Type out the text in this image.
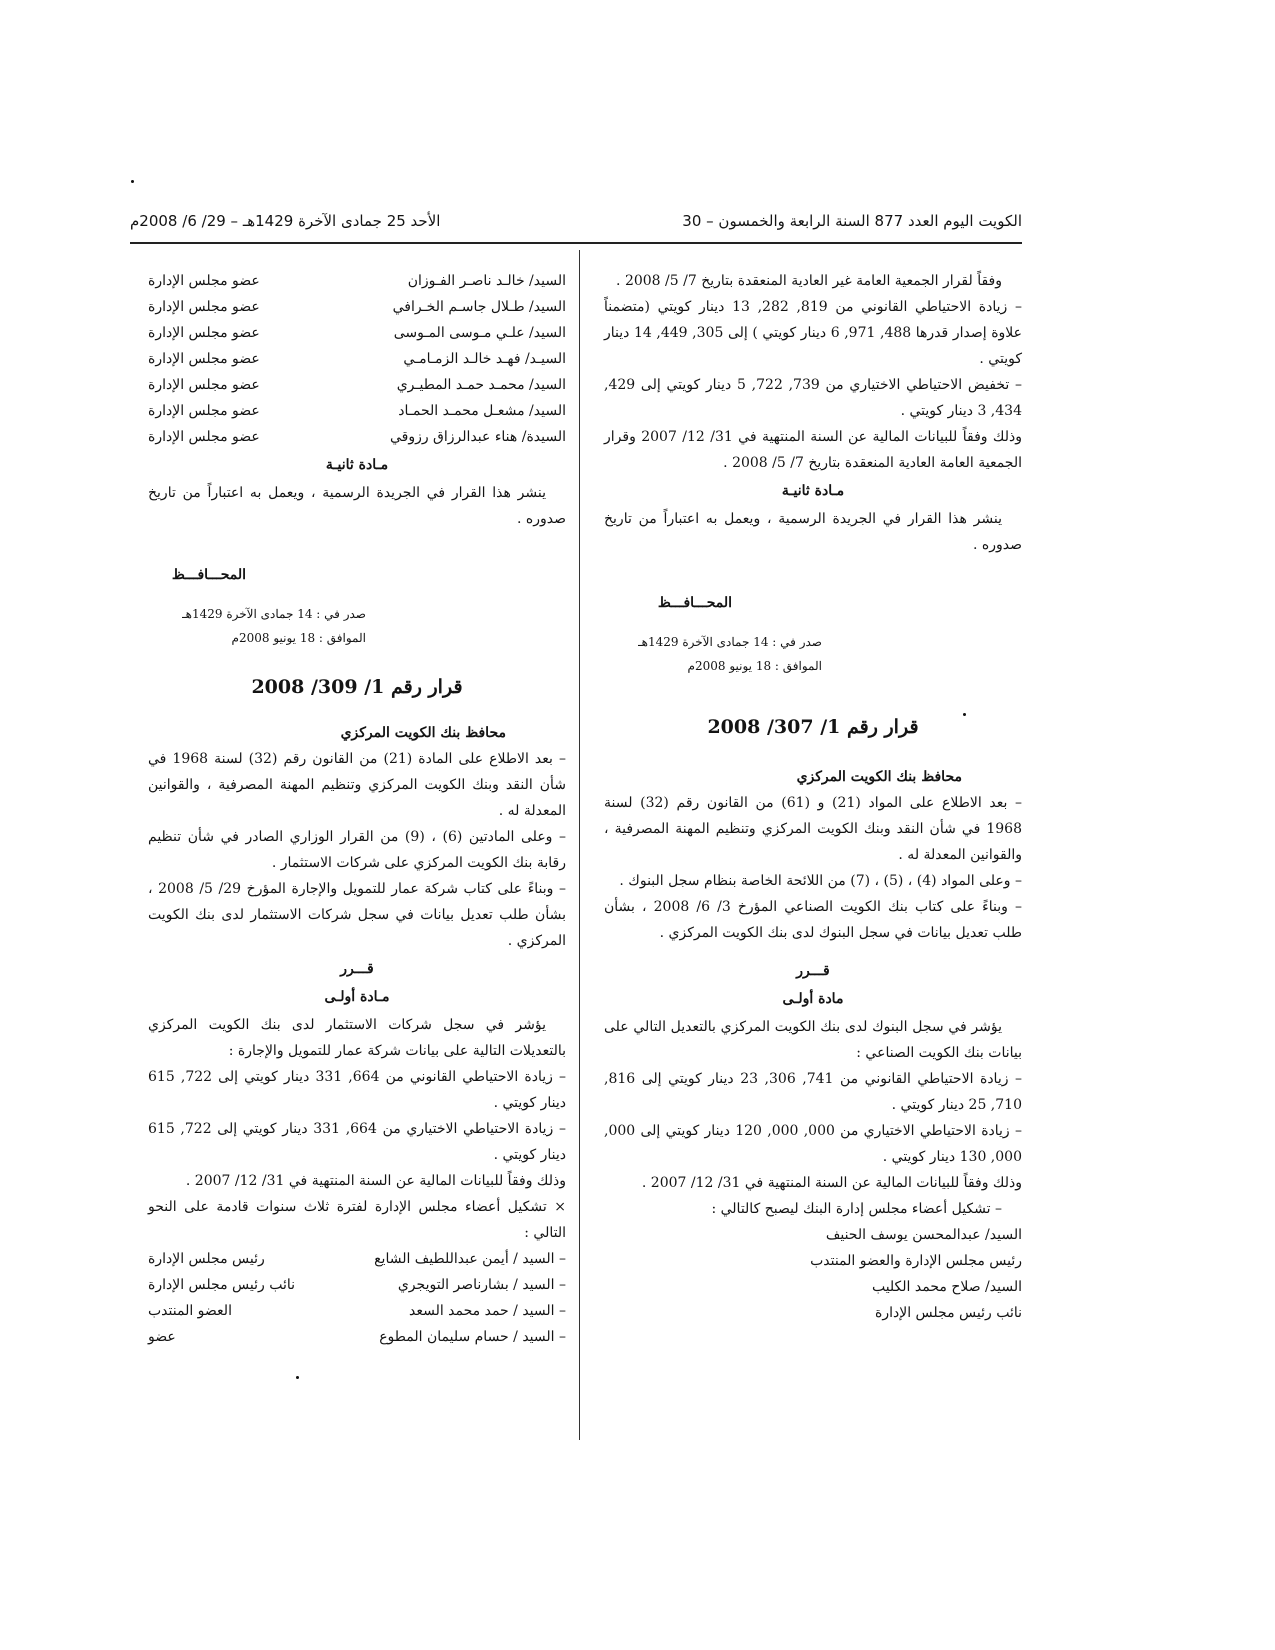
الكويت اليوم العدد 877 السنة الرابعة والخمسون – 30
الأحد 25 جمادى الآخرة 1429هـ – 29/ 6/ 2008م

وفقاً لقرار الجمعية العامة غير العادية المنعقدة بتاريخ 7/ 5/ 2008 .

– زيادة الاحتياطي القانوني من 819, 282, 13 دينار كويتي (متضمناً علاوة إصدار قدرها 488, 971, 6 دينار كويتي ) إلى 305, 449, 14 دينار كويتي .

– تخفيض الاحتياطي الاختياري من 739, 722, 5 دينار كويتي إلى 429, 434, 3 دينار كويتي .

وذلك وفقاً للبيانات المالية عن السنة المنتهية في 31/ 12/ 2007 وقرار الجمعية العامة العادية المنعقدة بتاريخ 7/ 5/ 2008 .

مـادة ثانيـة

ينشر هذا القرار في الجريدة الرسمية ، ويعمل به اعتباراً من تاريخ صدوره .

المحـــافـــظ

صدر في : 14 جمادى الآخرة 1429هـ

الموافق : 18 يونيو 2008م

قرار رقم 1/ 307/ 2008

محافظ بنك الكويت المركزي

– بعد الاطلاع على المواد (21) و (61) من القانون رقم (32) لسنة 1968 في شأن النقد وبنك الكويت المركزي وتنظيم المهنة المصرفية ، والقوانين المعدلة له .

– وعلى المواد (4) ، (5) ، (7) من اللائحة الخاصة بنظام سجل البنوك .

– وبناءً على كتاب بنك الكويت الصناعي المؤرخ 3/ 6/ 2008 ، بشأن طلب تعديل بيانات في سجل البنوك لدى بنك الكويت المركزي .

قـــرر

مادة أولـى

يؤشر في سجل البنوك لدى بنك الكويت المركزي بالتعديل التالي على بيانات بنك الكويت الصناعي :

– زيادة الاحتياطي القانوني من 741, 306, 23 دينار كويتي إلى 816, 710, 25 دينار كويتي .

– زيادة الاحتياطي الاختياري من 000, 000, 120 دينار كويتي إلى 000, 000, 130 دينار كويتي .

وذلك وفقاً للبيانات المالية عن السنة المنتهية في 31/ 12/ 2007 .

– تشكيل أعضاء مجلس إدارة البنك ليصبح كالتالي :

السيد/ عبدالمحسن يوسف الحنيف

رئيس مجلس الإدارة والعضو المنتدب

السيد/ صلاح محمد الكليب

نائب رئيس مجلس الإدارة

السيد/ خالـد ناصـر الفـوزان
عضو مجلس الإدارة
السيد/ طـلال جاسـم الخـرافي
عضو مجلس الإدارة
السيد/ علـي مـوسى المـوسى
عضو مجلس الإدارة
السيـد/ فهـد خالـد الزمـامـي
عضو مجلس الإدارة
السيد/ محمـد حمـد المطيـري
عضو مجلس الإدارة
السيد/ مشعـل محمـد الحمـاد
عضو مجلس الإدارة
السيدة/ هناء عبدالرزاق رزوقي
عضو مجلس الإدارة

مـادة ثانيـة

ينشر هذا القرار في الجريدة الرسمية ، ويعمل به اعتباراً من تاريخ صدوره .

المحـــافـــظ

صدر في : 14 جمادى الآخرة 1429هـ

الموافق : 18 يونيو 2008م

قرار رقم 1/ 309/ 2008

محافظ بنك الكويت المركزي

– بعد الاطلاع على المادة (21) من القانون رقم (32) لسنة 1968 في شأن النقد وبنك الكويت المركزي وتنظيم المهنة المصرفية ، والقوانين المعدلة له .

– وعلى المادتين (6) ، (9) من القرار الوزاري الصادر في شأن تنظيم رقابة بنك الكويت المركزي على شركات الاستثمار .

– وبناءً على كتاب شركة عمار للتمويل والإجارة المؤرخ 29/ 5/ 2008 ، بشأن طلب تعديل بيانات في سجل شركات الاستثمار لدى بنك الكويت المركزي .

قـــرر

مـادة أولـى

يؤشر في سجل شركات الاستثمار لدى بنك الكويت المركزي بالتعديلات التالية على بيانات شركة عمار للتمويل والإجارة :

– زيادة الاحتياطي القانوني من 664, 331 دينار كويتي إلى 722, 615 دينار كويتي .

– زيادة الاحتياطي الاختياري من 664, 331 دينار كويتي إلى 722, 615 دينار كويتي .

وذلك وفقاً للبيانات المالية عن السنة المنتهية في 31/ 12/ 2007 .

× تشكيل أعضاء مجلس الإدارة لفترة ثلاث سنوات قادمة على النحو التالي :

– السيد / أيمن عبداللطيف الشايع
رئيس مجلس الإدارة
– السيد / بشارناصر التويجري
نائب رئيس مجلس الإدارة
– السيد / حمد محمد السعد
العضو المنتدب
– السيد / حسام سليمان المطوع
عضو
